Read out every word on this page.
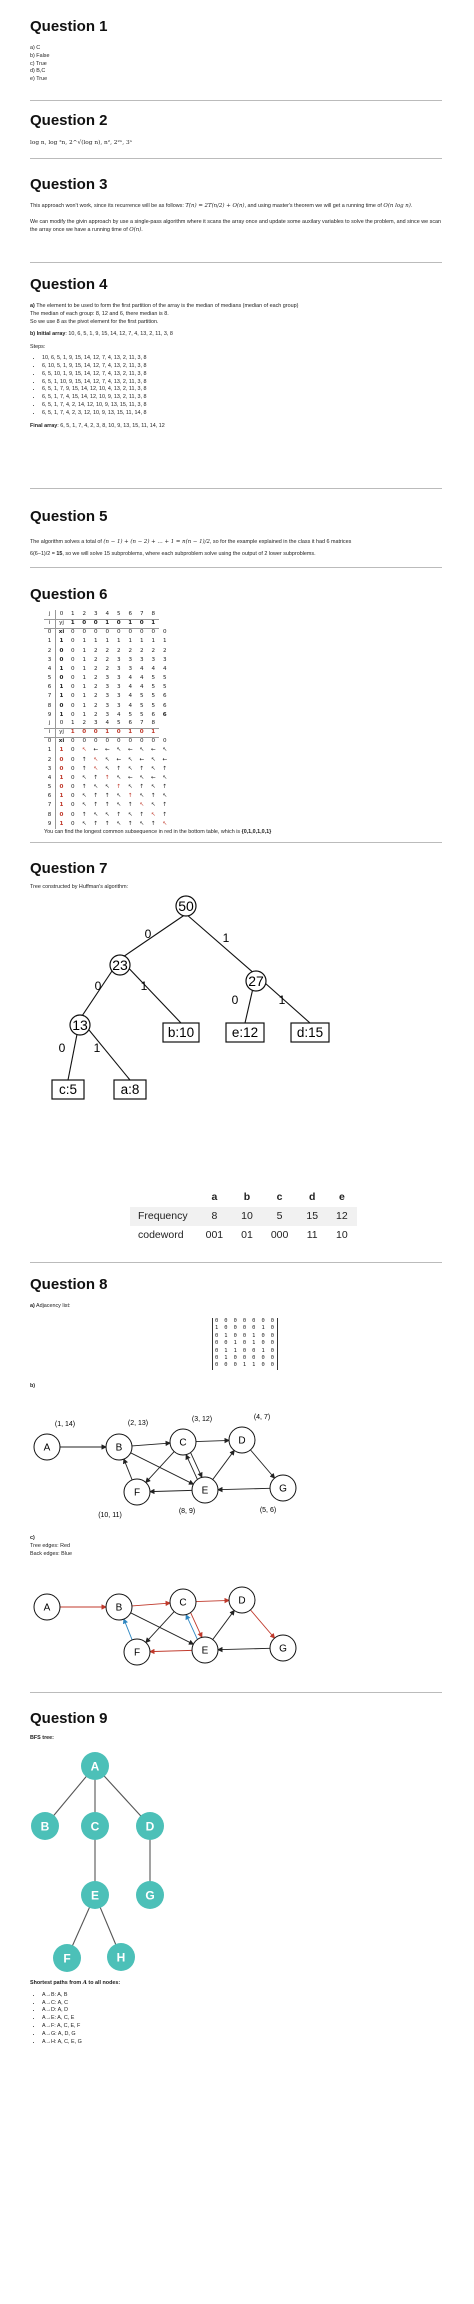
Question 1

a) C

b) False

c) True

d) B,C

e) True

Question 2

log n, log ²n, 2^√(log n), n², 2²ⁿ, 3ⁿ

Question 3

This approach won't work, since its recurrence will be as follows: T(n) = 2T(n/2) + O(n), and using master's theorem we will get a running time of O(n log n).

We can modify the givin approach by use a single-pass algorithm where it scans the array once and update some auxilary variables to solve the problem, and since we scan the array once we have a running time of O(n).

Question 4

a) The element to be used to form the first partition of the array is the median of medians (median of each group)

The median of each group: 8, 12 and 6, there median is 8.

So we use 8 as the pivot element for the first partition.

b) Initial array: 10, 6, 5, 1, 9, 15, 14, 12, 7, 4, 13, 2, 11, 3, 8

Steps:

• 10, 6, 5, 1, 9, 15, 14, 12, 7, 4, 13, 2, 11, 3, 8
• 6, 10, 5, 1, 9, 15, 14, 12, 7, 4, 13, 2, 11, 3, 8
• 6, 5, 10, 1, 9, 15, 14, 12, 7, 4, 13, 2, 11, 3, 8
• 6, 5, 1, 10, 9, 15, 14, 12, 7, 4, 13, 2, 11, 3, 8
• 6, 5, 1, 7, 9, 15, 14, 12, 10, 4, 13, 2, 11, 3, 8
• 6, 5, 1, 7, 4, 15, 14, 12, 10, 9, 13, 2, 11, 3, 8
• 6, 5, 1, 7, 4, 2, 14, 12, 10, 9, 13, 15, 11, 3, 8
• 6, 5, 1, 7, 4, 2, 3, 12, 10, 9, 13, 15, 11, 14, 8

Final array: 6, 5, 1, 7, 4, 2, 3, 8, 10, 9, 13, 15, 11, 14, 12

Question 5

The algorithm solves a total of (n − 1) + (n − 2) + … + 1 = n(n − 1)/2, so for the example explained in the class it had 6 matrices
6(6−1)/2 = 15, so we will solve 15 subproblems, where each subproblem solve using the output of 2 lower subproblems.

Question 6
j	0	1	2	3	4	5	6	7	8	
i	yj	1	0	0	1	0	1	0	1	
0	xi	0	0	0	0	0	0	0	0	0
1	1	0	1	1	1	1	1	1	1	1
2	0	0	1	2	2	2	2	2	2	2
3	0	0	1	2	2	3	3	3	3	3
4	1	0	1	2	2	3	3	4	4	4
5	0	0	1	2	3	3	4	4	5	5
6	1	0	1	2	3	3	4	4	5	5
7	1	0	1	2	3	3	4	5	5	6
8	0	0	1	2	3	3	4	5	5	6
9	1	0	1	2	3	4	5	5	6	6
j	0	1	2	3	4	5	6	7	8	
i	yj	1	0	0	1	0	1	0	1	
0	xi	0	0	0	0	0	0	0	0	0
1	1	0	↖	←	←	↖	←	↖	←	↖
2	0	0	↑	↖	↖	←	↖	←	↖	←
3	0	0	↑	↖	↖	↑	↖	↑	↖	↑
4	1	0	↖	↑	↑	↖	←	↖	←	↖
5	0	0	↑	↖	↖	↑	↖	↑	↖	↑
6	1	0	↖	↑	↑	↖	↑	↖	↑	↖
7	1	0	↖	↑	↑	↖	↑	↖	↖	↑
8	0	0	↑	↖	↖	↑	↖	↑	↖	↑
9	1	0	↖	↑	↑	↖	↑	↖	↑	↖

You can find the longest common subsequence in red in the bottom table, which is {0,1,0,1,0,1}

Question 7

Tree constructed by Huffman's algorithm:

0	1
0	1
0	1
0 1
50
23
27
13	b:10	e:12	d:15
c:5	a:8
	a	b	c	d	e
Frequency	8	10	5	15	12
codeword	001	01	000	11	10
Question 8

a) Adjacency list:

0 0 0 0 0 0 0
1 0 0 0 0 1 0
0 1 0 0 1 0 0
0 0 1 0 1 0 0
0 1 1 0 0 1 0
0 1 0 0 0 0 0
0 0 0 1 1 0 0

b)

A	B	C	D
E
F	G
(1, 14)	(2, 13)
(3, 12)	(4, 7)
(10, 11)
(8, 9)	(5, 6)

c)

Tree edges: Red

Back edges: Blue

A	B	C	D
E
F	G
Question 9

BFS tree:

A
B	C	D
E	G
F	H

Shortest paths from A to all nodes:

• A→B: A, B
• A→C: A, C
• A→D: A, D
• A→E: A, C, E
• A→F: A, C, E, F
• A→G: A, D, G
• A→H: A, C, E, G
